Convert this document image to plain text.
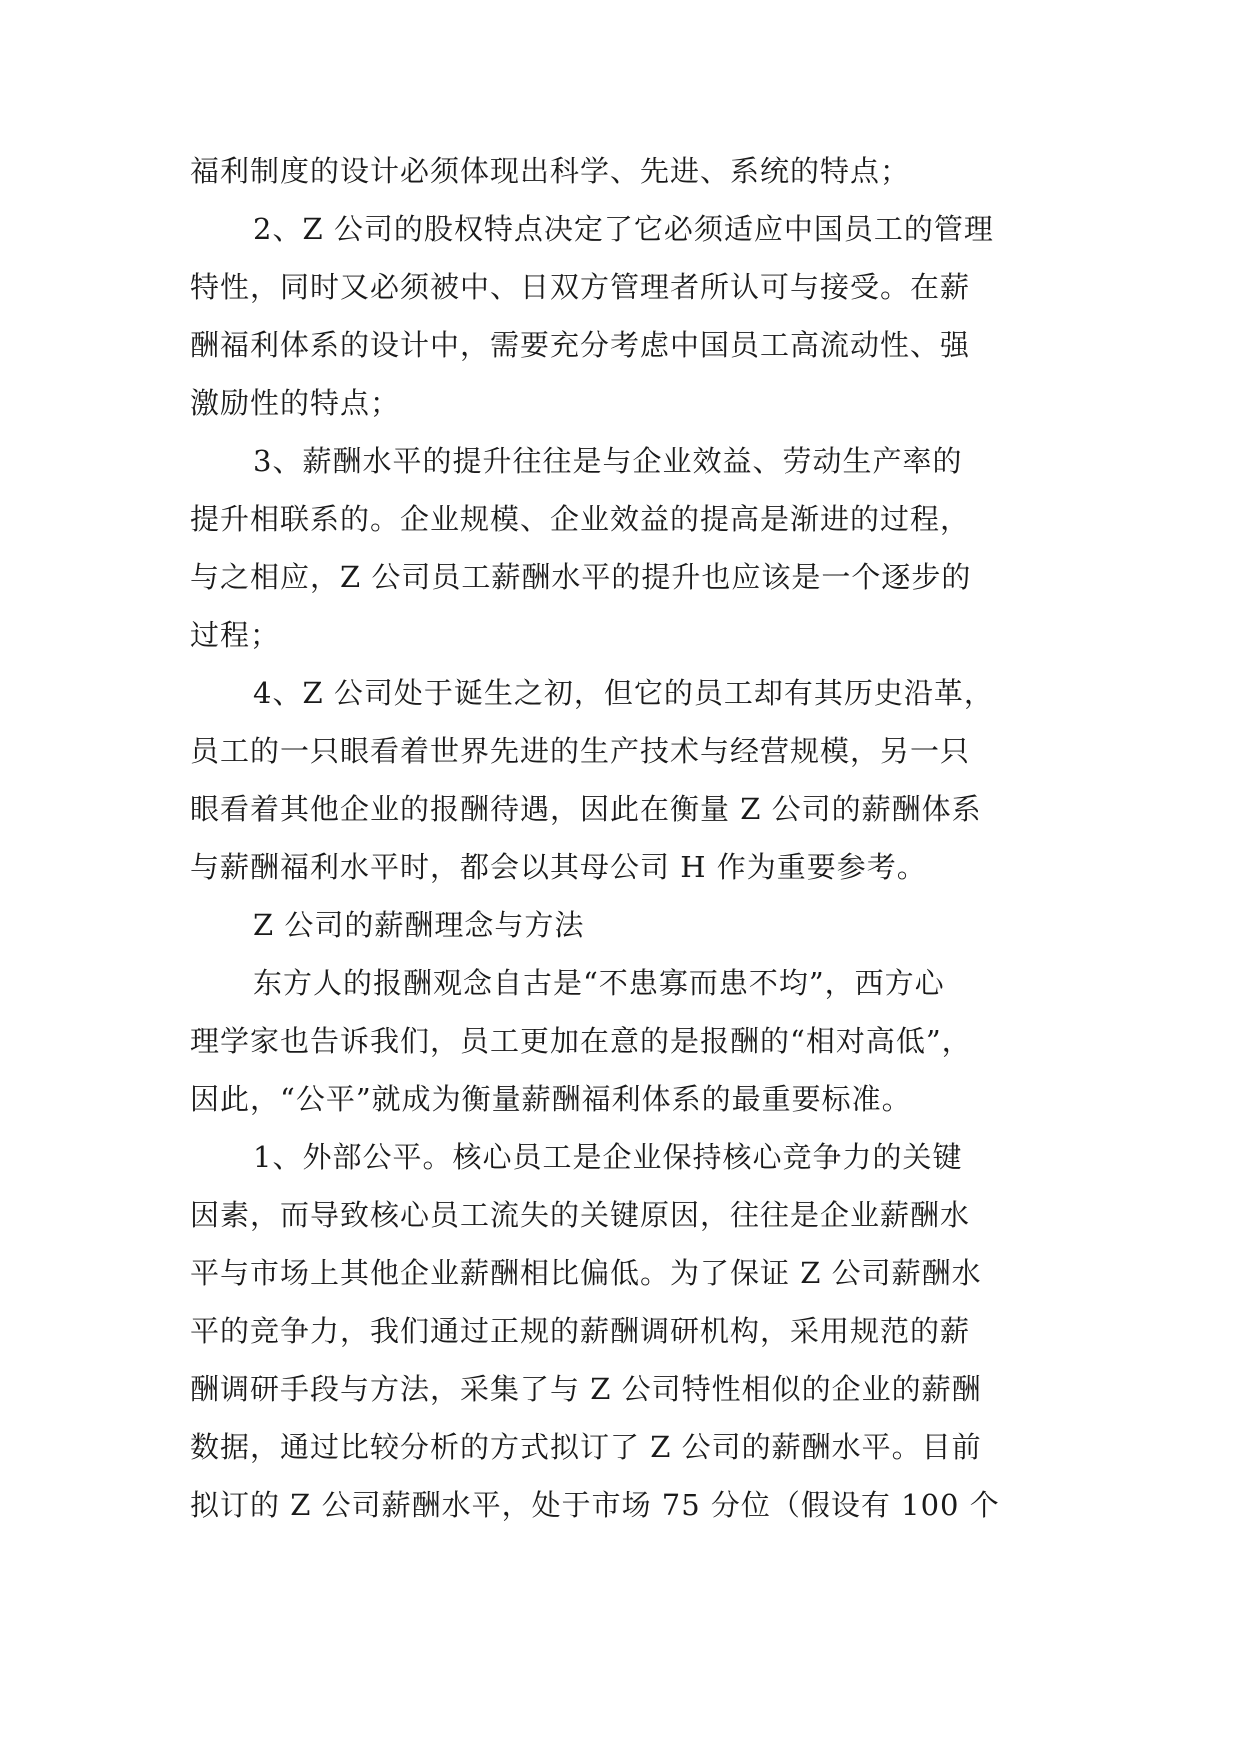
福利制度的设计必须体现出科学、先进、系统的特点；
2、Z 公司的股权特点决定了它必须适应中国员工的管理
特性，同时又必须被中、日双方管理者所认可与接受。在薪
酬福利体系的设计中，需要充分考虑中国员工高流动性、强
激励性的特点；
3、薪酬水平的提升往往是与企业效益、劳动生产率的
提升相联系的。企业规模、企业效益的提高是渐进的过程，
与之相应，Z 公司员工薪酬水平的提升也应该是一个逐步的
过程；
4、Z 公司处于诞生之初，但它的员工却有其历史沿革，
员工的一只眼看着世界先进的生产技术与经营规模，另一只
眼看着其他企业的报酬待遇，因此在衡量 Z 公司的薪酬体系
与薪酬福利水平时，都会以其母公司 H 作为重要参考。
Z 公司的薪酬理念与方法
东方人的报酬观念自古是“不患寡而患不均”，西方心
理学家也告诉我们，员工更加在意的是报酬的“相对高低”，
因此，“公平”就成为衡量薪酬福利体系的最重要标准。
1、外部公平。核心员工是企业保持核心竞争力的关键
因素，而导致核心员工流失的关键原因，往往是企业薪酬水
平与市场上其他企业薪酬相比偏低。为了保证 Z 公司薪酬水
平的竞争力，我们通过正规的薪酬调研机构，采用规范的薪
酬调研手段与方法，采集了与 Z 公司特性相似的企业的薪酬
数据，通过比较分析的方式拟订了 Z 公司的薪酬水平。目前
拟订的 Z 公司薪酬水平，处于市场 75 分位（假设有 100 个
